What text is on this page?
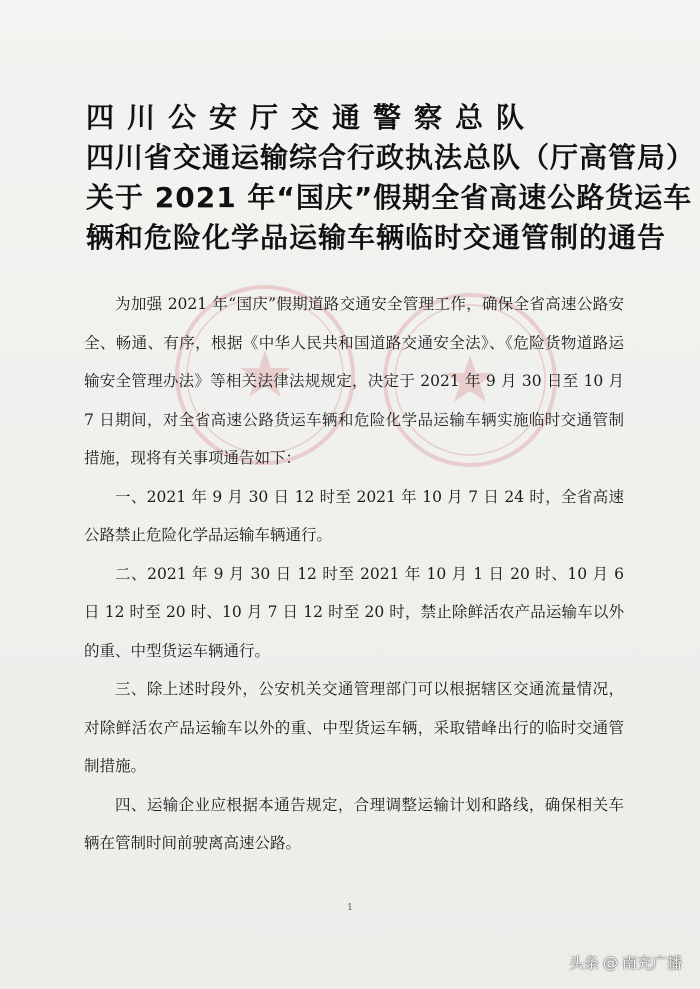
四川公安厅交通警察总队
四川省交通运输综合行政执法总队（厅高管局）
关于 2021 年“国庆”假期全省高速公路货运车
辆和危险化学品运输车辆临时交通管制的通告

为加强 2021 年“国庆”假期道路交通安全管理工作，确保全省高速公路安全、畅通、有序，根据《中华人民共和国道路交通安全法》、《危险货物道路运输安全管理办法》等相关法律法规规定，决定于 2021 年 9 月 30 日至 10 月 7 日期间，对全省高速公路货运车辆和危险化学品运输车辆实施临时交通管制措施，现将有关事项通告如下：

一、2021 年 9 月 30 日 12 时至 2021 年 10 月 7 日 24 时，全省高速公路禁止危险化学品运输车辆通行。

二、2021 年 9 月 30 日 12 时至 2021 年 10 月 1 日 20 时、10 月 6 日 12 时至 20 时、10 月 7 日 12 时至 20 时，禁止除鲜活农产品运输车以外的重、中型货运车辆通行。

三、除上述时段外，公安机关交通管理部门可以根据辖区交通流量情况，对除鲜活农产品运输车以外的重、中型货运车辆，采取错峰出行的临时交通管制措施。

四、运输企业应根据本通告规定，合理调整运输计划和路线，确保相关车辆在管制时间前驶离高速公路。

1
头条 @ 南充广播
